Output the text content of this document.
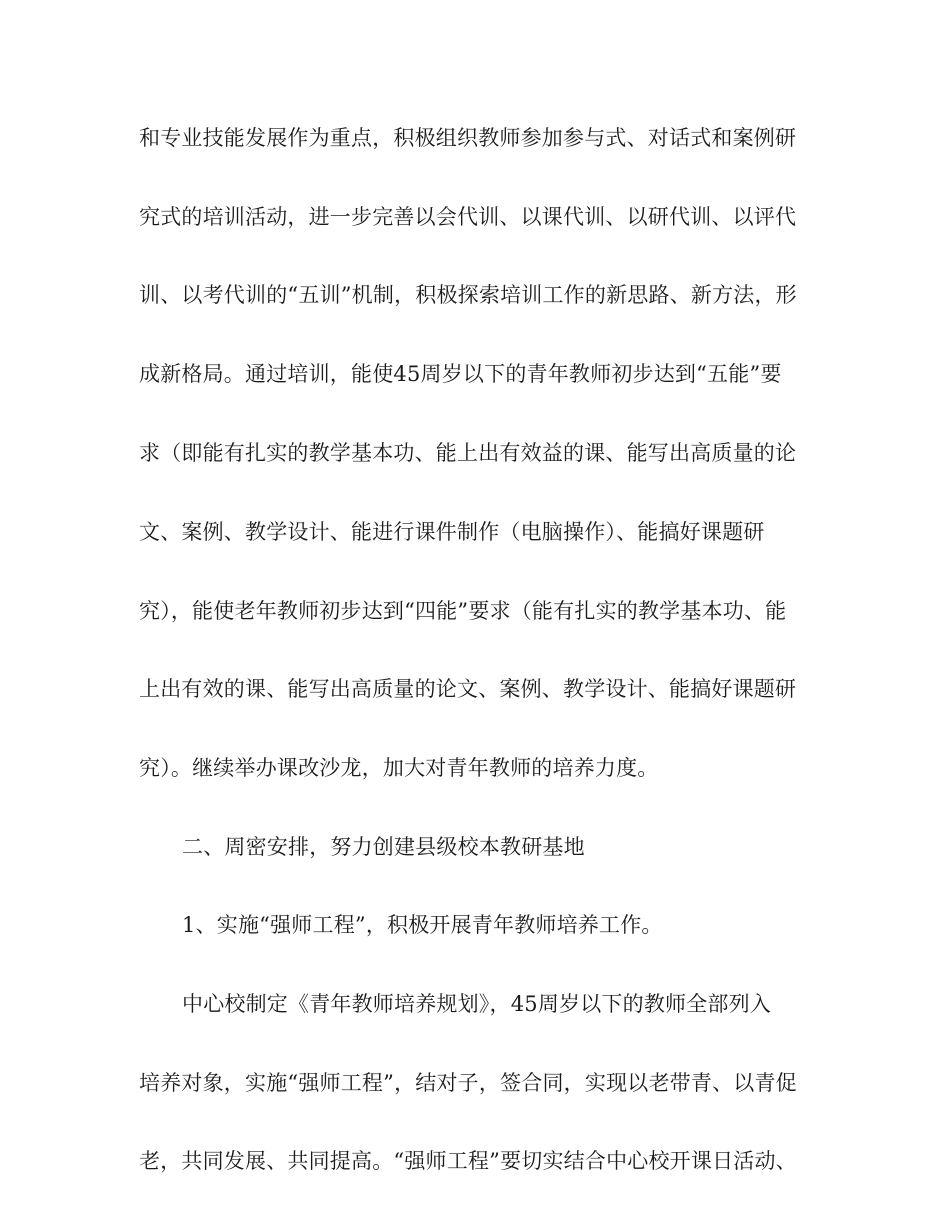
和专业技能发展作为重点，积极组织教师参加参与式、对话式和案例研
究式的培训活动，进一步完善以会代训、以课代训、以研代训、以评代
训、以考代训的“五训”机制，积极探索培训工作的新思路、新方法，形
成新格局。通过培训，能使45周岁以下的青年教师初步达到“五能”要
求（即能有扎实的教学基本功、能上出有效益的课、能写出高质量的论
文、案例、教学设计、能进行课件制作（电脑操作）、能搞好课题研
究），能使老年教师初步达到“四能”要求（能有扎实的教学基本功、能
上出有效的课、能写出高质量的论文、案例、教学设计、能搞好课题研
究）。继续举办课改沙龙，加大对青年教师的培养力度。
二、周密安排，努力创建县级校本教研基地
1、实施“强师工程”，积极开展青年教师培养工作。
中心校制定《青年教师培养规划》，45周岁以下的教师全部列入
培养对象，实施“强师工程”，结对子，签合同，实现以老带青、以青促
老，共同发展、共同提高。“强师工程”要切实结合中心校开课日活动、
